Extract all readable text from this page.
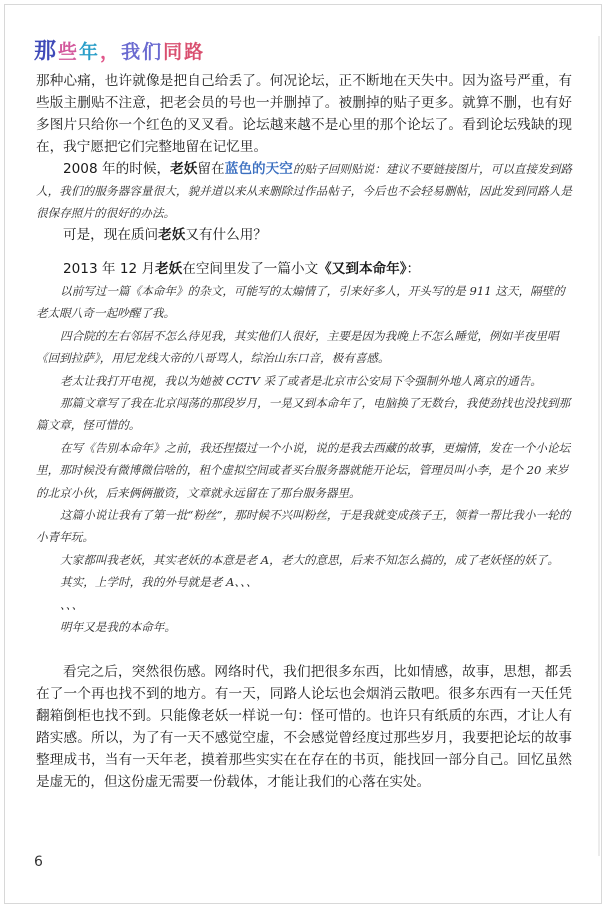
那些年，我们同路

那种心痛，也许就像是把自己给丢了。何况论坛，正不断地在天失中。因为盗号严重，有些版主删贴不注意，把老会员的号也一并删掉了。被删掉的贴子更多。就算不删，也有好多图片只给你一个红色的叉叉看。论坛越来越不是心里的那个论坛了。看到论坛残缺的现在，我宁愿把它们完整地留在记忆里。

2008 年的时候，老妖留在蓝色的天空的贴子回则贴说：建议不要链接图片，可以直接发到路人，我们的服务器容量很大，貌并道以来从来删除过作品帖子，今后也不会轻易删帖，因此发到同路人是很保存照片的很好的办法。

可是，现在质问老妖又有什么用？

2013 年 12 月老妖在空间里发了一篇小文《又到本命年》：

以前写过一篇《本命年》的杂文，可能写的太煽情了，引来好多人，开头写的是 911 这天，隔壁的老太眼八奇一起吵醒了我。

四合院的左右邻居不怎么待见我，其实他们人很好，主要是因为我晚上不怎么睡觉，例如半夜里唱《回到拉萨》，用尼龙线大帝的八哥骂人，综治山东口音，极有喜感。

老太让我打开电视，我以为她被 CCTV 采了或者是北京市公安局下令强制外地人离京的通告。

那篇文章写了我在北京闯荡的那段岁月，一晃又到本命年了，电脑换了无数台，我使劲找也没找到那篇文章，怪可惜的。

在写《告别本命年》之前，我还捏掇过一个小说，说的是我去西藏的故事，更煽情，发在一个小论坛里，那时候没有微博微信啥的，租个虚拟空间或者买台服务器就能开论坛，管理员叫小李，是个 20 来岁的北京小伙，后来俩俩撤资，文章就永远留在了那台服务器里。

这篇小说让我有了第一批“粉丝”，那时候不兴叫粉丝，于是我就变成孩子王，领着一帮比我小一轮的小青年玩。

大家都叫我老妖，其实老妖的本意是老 A，老大的意思，后来不知怎么搞的，成了老妖怪的妖了。

其实，上学时，我的外号就是老 A、、、

、、、

明年又是我的本命年。

看完之后，突然很伤感。网络时代，我们把很多东西，比如情感，故事，思想，都丢在了一个再也找不到的地方。有一天，同路人论坛也会烟消云散吧。很多东西有一天任凭翻箱倒柜也找不到。只能像老妖一样说一句：怪可惜的。也许只有纸质的东西，才让人有踏实感。所以，为了有一天不感觉空虚，不会感觉曾经度过那些岁月，我要把论坛的故事整理成书，当有一天年老，摸着那些实实在在存在的书页，能找回一部分自己。回忆虽然是虚无的，但这份虚无需要一份载体，才能让我们的心落在实处。

6
